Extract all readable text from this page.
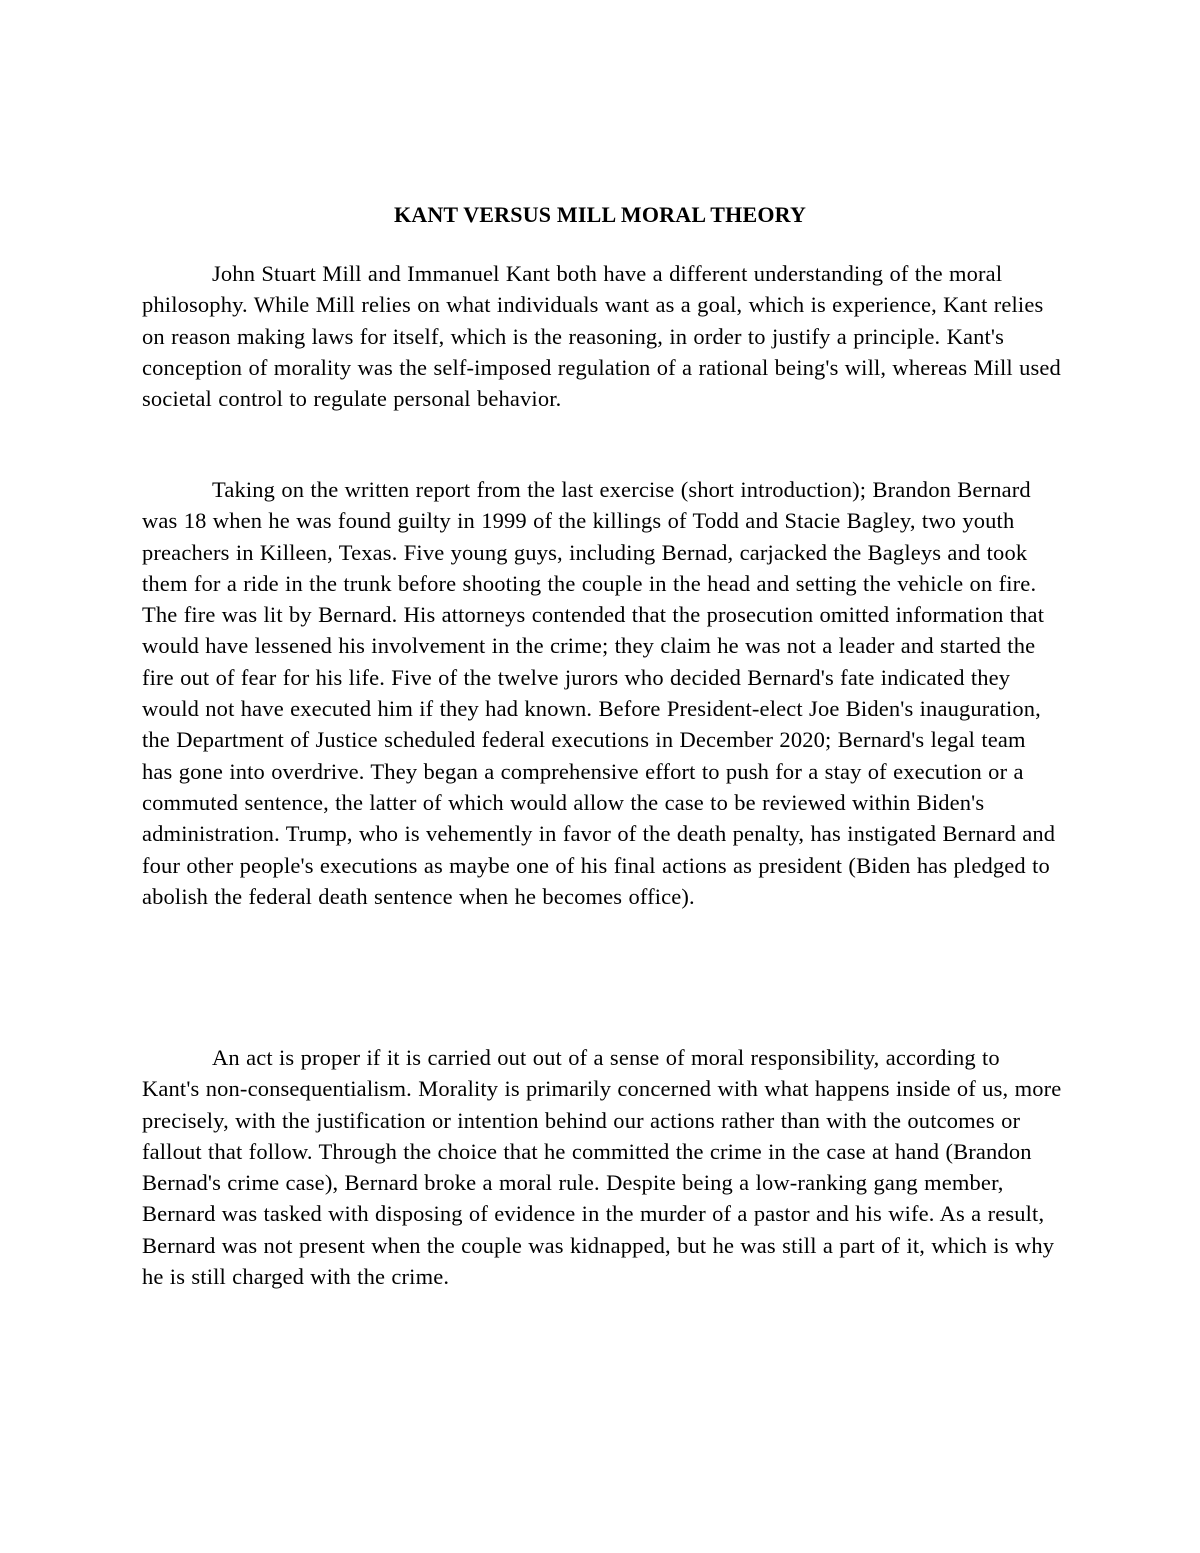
KANT VERSUS MILL MORAL THEORY

John Stuart Mill and Immanuel Kant both have a different understanding of the moral philosophy. While Mill relies on what individuals want as a goal, which is experience, Kant relies on reason making laws for itself, which is the reasoning, in order to justify a principle. Kant's conception of morality was the self-imposed regulation of a rational being's will, whereas Mill used societal control to regulate personal behavior.

Taking on the written report from the last exercise (short introduction); Brandon Bernard was 18 when he was found guilty in 1999 of the killings of Todd and Stacie Bagley, two youth preachers in Killeen, Texas. Five young guys, including Bernad, carjacked the Bagleys and took them for a ride in the trunk before shooting the couple in the head and setting the vehicle on fire. The fire was lit by Bernard. His attorneys contended that the prosecution omitted information that would have lessened his involvement in the crime; they claim he was not a leader and started the fire out of fear for his life. Five of the twelve jurors who decided Bernard's fate indicated they would not have executed him if they had known. Before President-elect Joe Biden's inauguration, the Department of Justice scheduled federal executions in December 2020; Bernard's legal team has gone into overdrive. They began a comprehensive effort to push for a stay of execution or a commuted sentence, the latter of which would allow the case to be reviewed within Biden's administration. Trump, who is vehemently in favor of the death penalty, has instigated Bernard and four other people's executions as maybe one of his final actions as president (Biden has pledged to abolish the federal death sentence when he becomes office).

An act is proper if it is carried out out of a sense of moral responsibility, according to Kant's non-consequentialism. Morality is primarily concerned with what happens inside of us, more precisely, with the justification or intention behind our actions rather than with the outcomes or fallout that follow. Through the choice that he committed the crime in the case at hand (Brandon Bernad's crime case), Bernard broke a moral rule. Despite being a low-ranking gang member, Bernard was tasked with disposing of evidence in the murder of a pastor and his wife. As a result, Bernard was not present when the couple was kidnapped, but he was still a part of it, which is why he is still charged with the crime.
